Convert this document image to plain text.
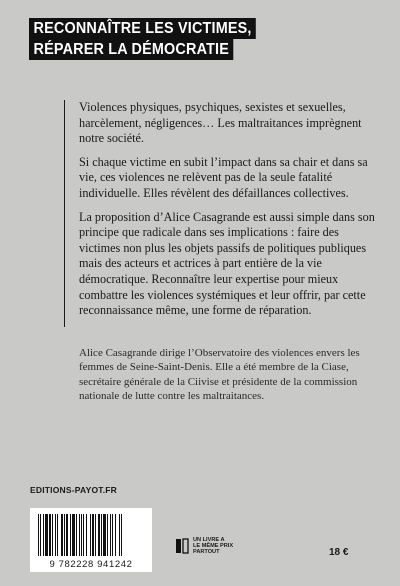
RECONNAÎTRE LES VICTIMES,
RÉPARER LA DÉMOCRATIE

Violences physiques, psychiques, sexistes et sexuelles, harcèlement, négligences… Les maltraitances imprègnent notre société.

Si chaque victime en subit l’impact dans sa chair et dans sa vie, ces violences ne relèvent pas de la seule fatalité individuelle. Elles révèlent des défaillances collectives.

La proposition d’Alice Casagrande est aussi simple dans son principe que radicale dans ses implications : faire des victimes non plus les objets passifs de politiques publiques mais des acteurs et actrices à part entière de la vie démocratique. Reconnaître leur expertise pour mieux combattre les violences systémiques et leur offrir, par cette reconnaissance même, une forme de réparation.

Alice Casagrande dirige l’Observatoire des violences envers les femmes de Seine-Saint-Denis. Elle a été membre de la Ciase, secrétaire générale de la Ciivise et présidente de la commission nationale de lutte contre les maltraitances.

EDITIONS-PAYOT.FR
9 782228 941242
UN LIVRE A
LE MÊME PRIX
PARTOUT	18 €
